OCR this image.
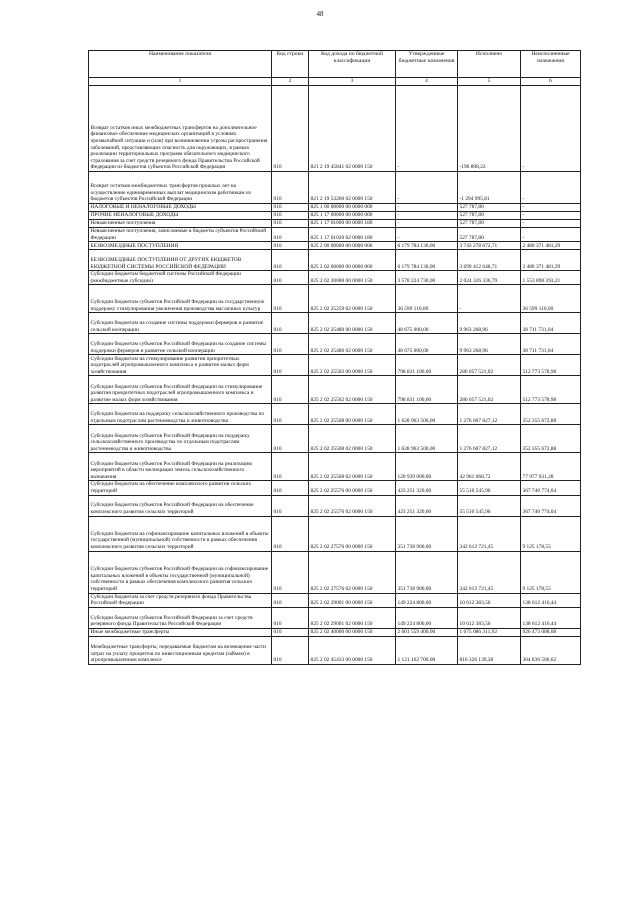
48
Наименование показателя	Код строки	Код дохода по бюджетной классификации	Утвержденные бюджетные назначения	Исполнено	Неисполненные назначения
1	2	3	4	5	6
Возврат остатков иных межбюджетных трансфертов на дополнительное финансовое обеспечение медицинских организаций в условиях чрезвычайной ситуации и (или) при возникновении угрозы распространения заболеваний, представляющих опасность для окружающих, в рамках реализации территориальных программ обязательного медицинского страхования за счет средств резервного фонда Правительства Российской Федерации из бюджетов субъектов Российской Федерации	010	821 2 19 45841 02 0000 150	-	-196 898,22	-
Возврат остатков межбюджетных трансфертов прошлых лет на осуществление единовременных выплат медицинским работникам из бюджетов субъектов Российской Федерации	010	821 2 19 53260 02 0000 150	-	-1 294 995,81	-
НАЛОГОВЫЕ И НЕНАЛОГОВЫЕ ДОХОДЫ	010	825 1 00 00000 00 0000 000	-	527 787,80	-
ПРОЧИЕ НЕНАЛОГОВЫЕ ДОХОДЫ	010	825 1 17 00000 00 0000 000	-	527 787,80	-
Невыясненные поступления	010	825 1 17 01000 00 0000 180	-	527 787,80	-
Невыясненные поступления, зачисляемые в бюджеты субъектов Российской Федерации	010	825 1 17 01020 02 0000 180	-	527 787,80	-
БЕЗВОЗМЕЗДНЫЕ ПОСТУПЛЕНИЯ	010	825 2 00 00000 00 0000 000	6 179 784 130,00	3 743 278 672,71	2 480 371 481,29
БЕЗВОЗМЕЗДНЫЕ ПОСТУПЛЕНИЯ ОТ ДРУГИХ БЮДЖЕТОВ БЮДЖЕТНОЙ СИСТЕМЫ РОССИЙСКОЙ ФЕДЕРАЦИИ	010	825 2 02 00000 00 0000 000	6 179 784 130,00	3 699 412 648,71	2 480 371 481,29
Субсидии бюджетам бюджетной системы Российской Федерации (межбюджетные субсидии)	010	825 2 02 20000 00 0000 150	3 578 224 730,00	2 024 326 336,79	1 553 898 393,21
Субсидии бюджетам субъектов Российской Федерации на государственную поддержку стимулирования увеличения производства масличных культур	010	825 2 02 25259 02 0000 150	36 599 110,00	-	36 599 110,00
Субсидии бюджетам на создание системы поддержки фермеров и развитие сельской кооперации	010	825 2 02 25480 00 0000 150	48 675 000,00	9 963 268,96	38 711 731,04
Субсидии бюджетам субъектов Российской Федерации на создание системы поддержки фермеров и развитие сельской кооперации	010	825 2 02 25480 02 0000 150	48 675 000,00	9 963 268,96	38 711 731,04
Субсидии бюджетам на стимулирование развития приоритетных подотраслей агропромышленного комплекса и развитие малых форм хозяйствования	010	825 2 02 25502 00 0000 150	798 831 100,00	286 057 521,02	512 773 578,98
Субсидии бюджетам субъектов Российской Федерации на стимулирование развития приоритетных подотраслей агропромышленного комплекса и развитие малых форм хозяйствования	010	825 2 02 25502 02 0000 150	798 831 100,00	286 057 521,02	512 773 578,98
Субсидии бюджетам на поддержку сельскохозяйственного производства по отдельным подотраслям растениеводства и животноводства	010	825 2 02 25508 00 0000 150	1 628 963 500,00	1 276 607 827,12	352 355 672,88
Субсидии бюджетам субъектов Российской Федерации на поддержку сельскохозяйственного производства по отдельным подотраслям растениеводства и животноводства	010	825 2 02 25508 02 0000 150	1 628 963 500,00	1 276 607 827,12	352 355 672,88
Субсидии бюджетам субъектов Российской Федерации на реализацию мероприятий в области мелиорации земель сельскохозяйственного назначения	010	825 2 02 25568 02 0000 150	120 939 000,00	42 961 068,72	77 977 931,28
Субсидии бюджетам на обеспечение комплексного развития сельских территорий	010	825 2 02 25576 00 0000 150	423 251 320,00	55 510 545,96	367 740 774,04
Субсидии бюджетам субъектов Российской Федерации на обеспечение комплексного развития сельских территорий	010	825 2 02 25576 02 0000 150	423 251 320,00	55 510 545,96	367 740 774,04
Субсидии бюджетам на софинансирование капитальных вложений в объекты государственной (муниципальной) собственности в рамках обеспечения комплексного развития сельских территорий	010	825 2 02 27576 00 0000 150	351 738 900,00	342 613 721,45	9 125 178,55
Субсидии бюджетам субъектов Российской Федерации на софинансирование капитальных вложений в объекты государственной (муниципальной) собственности в рамках обеспечения комплексного развития сельских территорий	010	825 2 02 27576 02 0000 150	351 738 900,00	342 613 721,45	9 125 178,55
Субсидии бюджетам за счет средств резервного фонда Правительства Российской Федерации	010	825 2 02 29001 00 0000 150	149 224 800,00	10 612 383,56	138 612 416,44
Субсидии бюджетам субъектов Российской Федерации за счет средств резервного фонда Правительства Российской Федерации	010	825 2 02 29001 02 0000 150	149 224 800,00	10 612 383,56	138 612 416,44
Иные межбюджетные трансферты	010	825 2 02 40000 00 0000 150	2 601 559 400,00	1 675 086 311,92	926 473 088,08
Межбюджетные трансферты, передаваемые бюджетам на возмещение части затрат на уплату процентов по инвестиционным кредитам (займам) в агропромышленном комплексе	010	825 2 02 45433 00 0000 150	1 121 162 700,00	816 326 139,38	304 836 560,62
